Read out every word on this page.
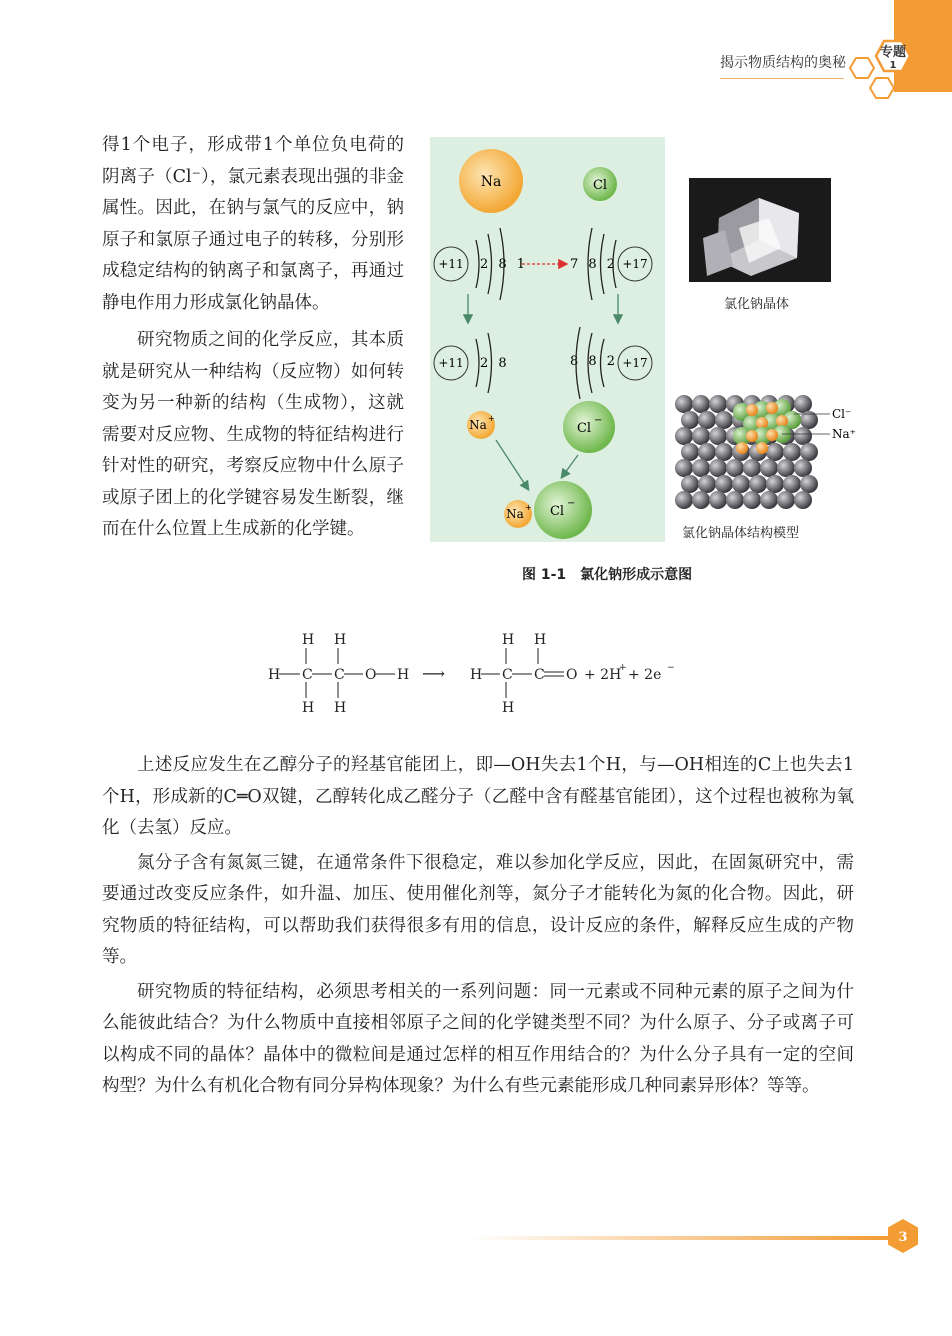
揭示物质结构的奥秘
专题
1

得1个电子，形成带1个单位负电荷的阴离子（Cl⁻），氯元素表现出强的非金属性。因此，在钠与氯气的反应中，钠原子和氯原子通过电子的转移，分别形成稳定结构的钠离子和氯离子，再通过静电作用力形成氯化钠晶体。

研究物质之间的化学反应，其本质就是研究从一种结构（反应物）如何转变为另一种新的结构（生成物），这就需要对反应物、生成物的特征结构进行针对性的研究，考察反应物中什么原子或原子团上的化学键容易发生断裂，继而在什么位置上生成新的化学键。

Na	Cl
+11 2 8 1	7 8 2 +17
+11 2 8	8 8 2 +17
Na +
Cl
−
Cl
−
Na +
氯化钠晶体
Cl⁻
Na⁺
氯化钠晶体结构模型
图 1-1 氯化钠形成示意图
H H
H C C O H
H H
⟶
H H
H C C O
H
+ 2H
+ + 2e −

上述反应发生在乙醇分子的羟基官能团上，即—OH失去1个H，与—OH相连的C上也失去1个H，形成新的C═O双键，乙醇转化成乙醛分子（乙醛中含有醛基官能团），这个过程也被称为氧化（去氢）反应。

氮分子含有氮氮三键，在通常条件下很稳定，难以参加化学反应，因此，在固氮研究中，需要通过改变反应条件，如升温、加压、使用催化剂等，氮分子才能转化为氮的化合物。因此，研究物质的特征结构，可以帮助我们获得很多有用的信息，设计反应的条件，解释反应生成的产物等。

研究物质的特征结构，必须思考相关的一系列问题：同一元素或不同种元素的原子之间为什么能彼此结合？为什么物质中直接相邻原子之间的化学键类型不同？为什么原子、分子或离子可以构成不同的晶体？晶体中的微粒间是通过怎样的相互作用结合的？为什么分子具有一定的空间构型？为什么有机化合物有同分异构体现象？为什么有些元素能形成几种同素异形体？等等。

3
